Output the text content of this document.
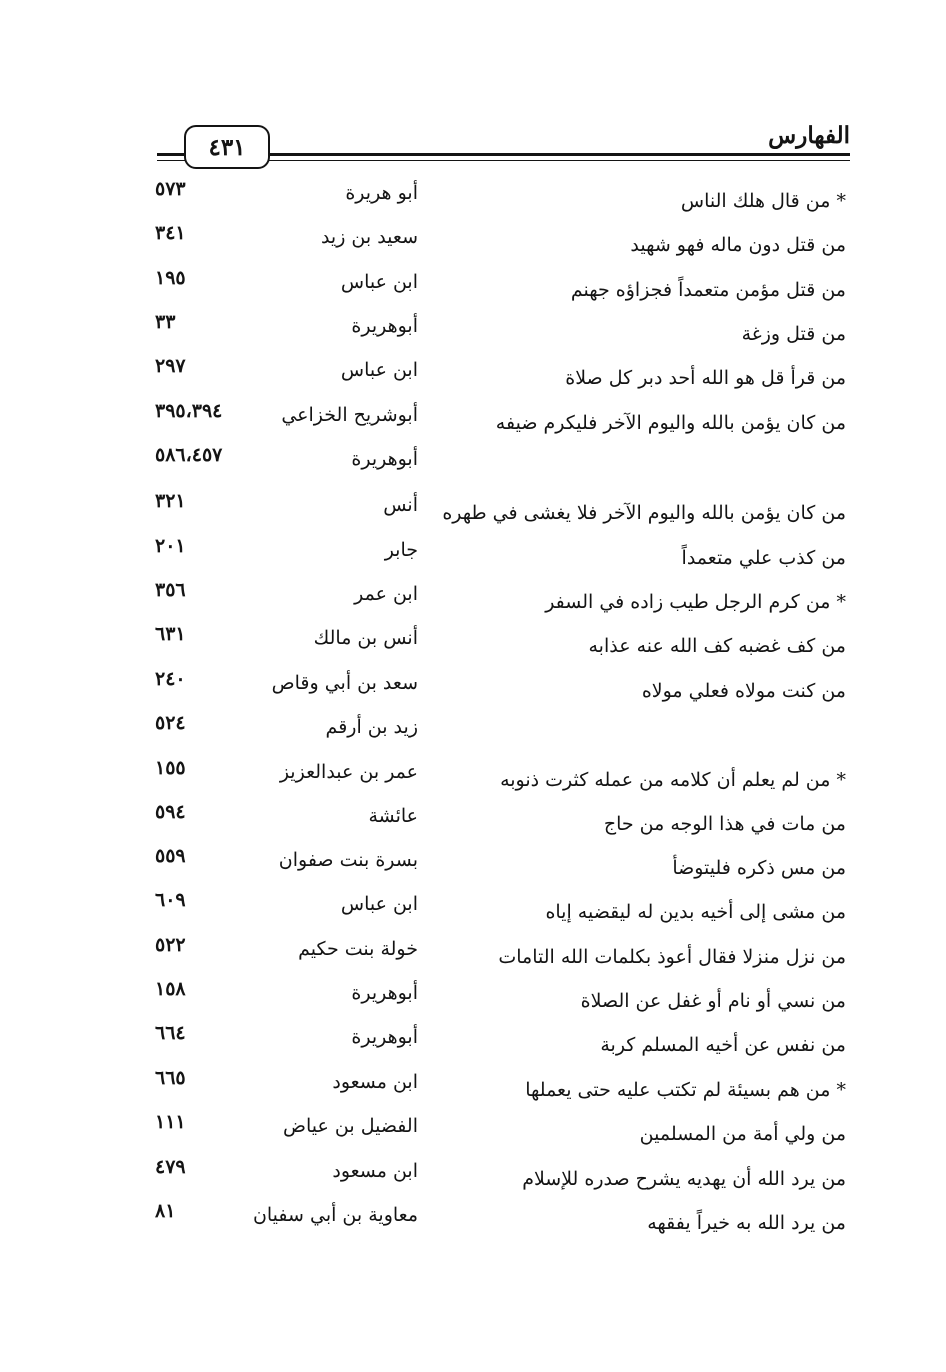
٤٣١	الفهارس
* من قال هلك الناس
أبو هريرة
٥٧٣
من قتل دون ماله فهو شهيد
سعيد بن زيد
٣٤١
من قتل مؤمن متعمداً فجزاؤه جهنم
ابن عباس
١٩٥
من قتل وزغة
أبوهريرة
٣٣
من قرأ قل هو الله أحد دبر كل صلاة
ابن عباس
٢٩٧
من كان يؤمن بالله واليوم الآخر فليكرم ضيفه
أبوشريح الخزاعي
٣٩٥،٣٩٤
أبوهريرة
٥٨٦،٤٥٧
من كان يؤمن بالله واليوم الآخر فلا يغشى في طهره
أنس
٣٢١
من كذب علي متعمداً
جابر
٢٠١
* من كرم الرجل طيب زاده في السفر
ابن عمر
٣٥٦
من كف غضبه كف الله عنه عذابه
أنس بن مالك
٦٣١
من كنت مولاه فعلي مولاه
سعد بن أبي وقاص
٢٤٠
زيد بن أرقم
٥٢٤
* من لم يعلم أن كلامه من عمله كثرت ذنوبه
عمر بن عبدالعزيز
١٥٥
من مات في هذا الوجه من حاج
عائشة
٥٩٤
من مس ذكره فليتوضأ
بسرة بنت صفوان
٥٥٩
من مشى إلى أخيه بدين له ليقضيه إياه
ابن عباس
٦٠٩
من نزل منزلا فقال أعوذ بكلمات الله التامات
خولة بنت حكيم
٥٢٢
من نسي أو نام أو غفل عن الصلاة
أبوهريرة
١٥٨
من نفس عن أخيه المسلم كربة
أبوهريرة
٦٦٤
* من هم بسيئة لم تكتب عليه حتى يعملها
ابن مسعود
٦٦٥
من ولي أمة من المسلمين
الفضيل بن عياض
١١١
من يرد الله أن يهديه يشرح صدره للإسلام
ابن مسعود
٤٧٩
من يرد الله به خيراً يفقهه
معاوية بن أبي سفيان
٨١
